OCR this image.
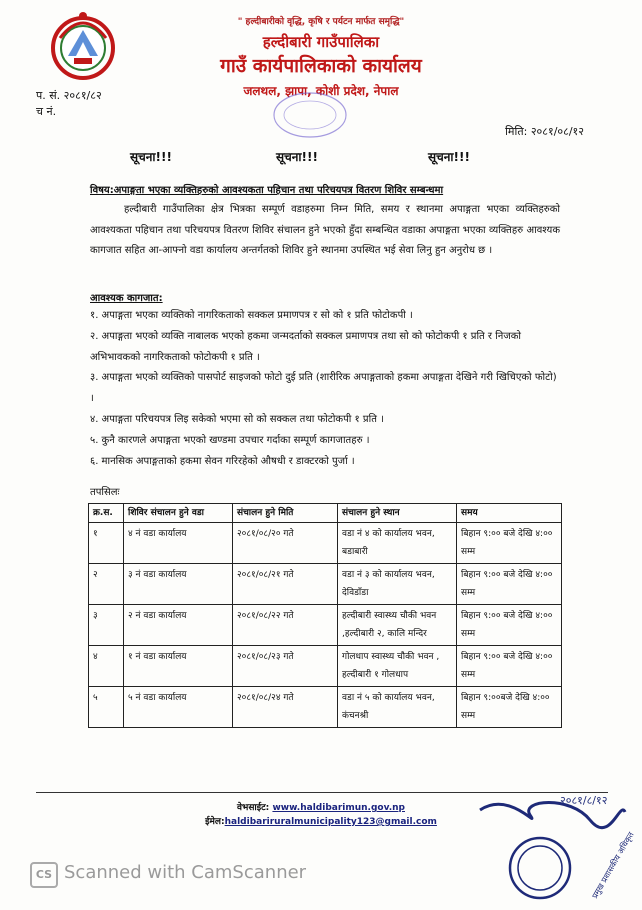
" हल्दीबारीको वृद्धि, कृषि र पर्यटन मार्फत समृद्धि"
हल्दीबारी गाउँपालिका
गाउँ कार्यपालिकाको कार्यालय
जलथल, झापा, कोशी प्रदेश, नेपाल
प. सं. २०८१/८२
च नं.
मिति: २०८१/०८/१२
सूचना!!!	सूचना!!!	सूचना!!!
विषय:अपाङ्गता भएका व्यक्तिहरुको आवश्यकता पहिचान तथा परिचयपत्र वितरण शिविर सम्बन्धमा
हल्दीबारी गाउँपालिका क्षेत्र भित्रका सम्पूर्ण वडाहरुमा निम्न मिति, समय र स्थानमा अपाङ्गता भएका व्यक्तिहरुको आवश्यकता पहिचान तथा परिचयपत्र वितरण शिविर संचालन हुने भएको हुँदा सम्बन्धित वडाका अपाङ्गता भएका व्यक्तिहरु आवश्यक कागजात सहित आ-आफ्नो वडा कार्यालय अन्तर्गतको शिविर हुने स्थानमा उपस्थित भई सेवा लिनु हुन अनुरोध छ ।
आवश्यक कागजात:
१. अपाङ्गता भएका व्यक्तिको नागरिकताको सक्कल प्रमाणपत्र र सो को १ प्रति फोटोकपी ।
२. अपाङ्गता भएको व्यक्ति नाबालक भएको हकमा जन्मदर्ताको सक्कल प्रमाणपत्र तथा सो को फोटोकपी १ प्रति र निजको अभिभावकको नागरिकताको फोटोकपी १ प्रति ।
३. अपाङ्गता भएको व्यक्तिको पासपोर्ट साइजको फोटो दुई प्रति (शारीरिक अपाङ्गताको हकमा अपाङ्गता देखिने गरी खिचिएको फोटो) ।
४. अपाङ्गता परिचयपत्र लिइ सकेको भएमा सो को सक्कल तथा फोटोकपी १ प्रति ।
५. कुनै कारणले अपाङ्गता भएको खण्डमा उपचार गर्दाका सम्पूर्ण कागजातहरु ।
६. मानसिक अपाङ्गताको हकमा सेवन गरिरहेको औषधी र डाक्टरको पुर्जा ।
तपसिलः
क्र.स.	शिविर संचालन हुने वडा	संचालन हुने मिति	संचालन हुने स्थान	समय
१	४ नं वडा कार्यालय	२०८१/०८/२० गते	वडा नं ४ को कार्यालय भवन, बडाबारी	बिहान ९:०० बजे देखि ४:०० सम्म
२	३ नं वडा कार्यालय	२०८१/०८/२१ गते	वडा नं ३ को कार्यालय भवन, देविडाँडा	बिहान ९:०० बजे देखि ४:०० सम्म
३	२ नं वडा कार्यालय	२०८१/०८/२२ गते	हल्दीबारी स्वास्थ्य चौकी भवन ,हल्दीबारी २, कालि मन्दिर	बिहान ९:०० बजे देखि ४:०० सम्म
४	१ नं वडा कार्यालय	२०८१/०८/२३ गते	गोलधाप स्वास्थ्य चौकी भवन , हल्दीबारी १ गोलधाप	बिहान ९:०० बजे देखि ४:०० सम्म
५	५ नं वडा कार्यालय	२०८१/०८/२४ गते	वडा नं ५ को कार्यालय भवन, कंचनश्री	बिहान ९:००बजे देखि ४:०० सम्म
वेभसाईट: www.haldibarimun.gov.np
ईमेल:haldibariruralmunicipality123@gmail.com
२०८१/८/१२
प्रमुख प्रशासकीय अधिकृत
CS Scanned with CamScanner
